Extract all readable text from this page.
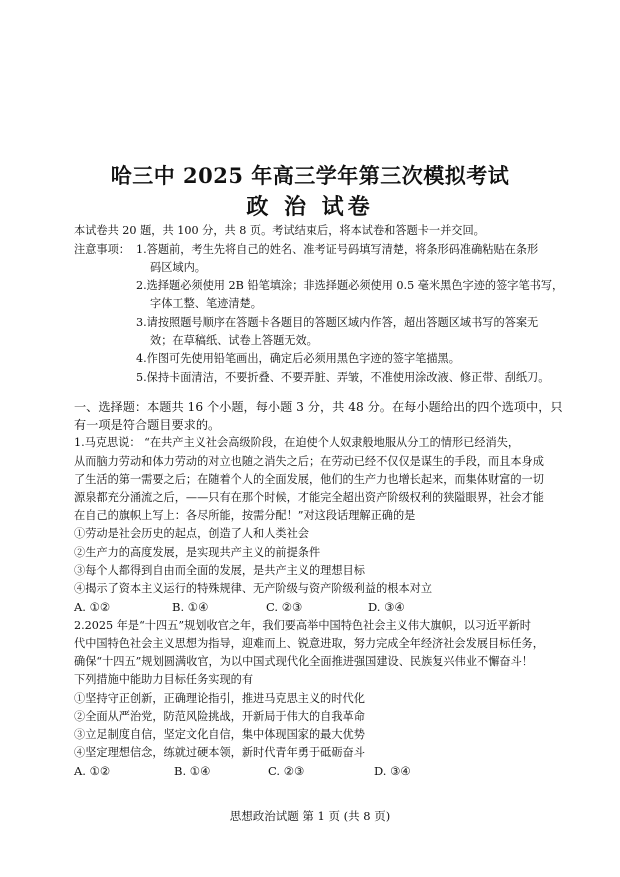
哈三中 2025 年高三学年第三次模拟考试
政 治 试卷
本试卷共 20 题，共 100 分，共 8 页。考试结束后，将本试卷和答题卡一并交回。
注意事项： 1.答题前，考生先将自己的姓名、准考证号码填写清楚，将条形码准确粘贴在条形
码区域内。
2.选择题必须使用 2B 铅笔填涂；非选择题必须使用 0.5 毫米黑色字迹的签字笔书写，
字体工整、笔迹清楚。
3.请按照题号顺序在答题卡各题目的答题区域内作答，超出答题区域书写的答案无
效；在草稿纸、试卷上答题无效。
4.作图可先使用铅笔画出，确定后必须用黑色字迹的签字笔描黑。
5.保持卡面清洁，不要折叠、不要弄脏、弄皱，不准使用涂改液、修正带、刮纸刀。
一、选择题：本题共 16 个小题，每小题 3 分，共 48 分。在每小题给出的四个选项中，只
有一项是符合题目要求的。
1.马克思说： “在共产主义社会高级阶段，在迫使个人奴隶般地服从分工的情形已经消失，
从而脑力劳动和体力劳动的对立也随之消失之后；在劳动已经不仅仅是谋生的手段，而且本身成
了生活的第一需要之后；在随着个人的全面发展，他们的生产力也增长起来，而集体财富的一切
源泉都充分涌流之后，——只有在那个时候，才能完全超出资产阶级权利的狭隘眼界，社会才能
在自己的旗帜上写上：各尽所能，按需分配！”对这段话理解正确的是
①劳动是社会历史的起点，创造了人和人类社会
②生产力的高度发展，是实现共产主义的前提条件
③每个人都得到自由而全面的发展，是共产主义的理想目标
④揭示了资本主义运行的特殊规律、无产阶级与资产阶级利益的根本对立
A. ①②	B. ①④	C. ②③	D. ③④
2.2025 年是“十四五”规划收官之年，我们要高举中国特色社会主义伟大旗帜，以习近平新时
代中国特色社会主义思想为指导，迎难而上、锐意进取，努力完成全年经济社会发展目标任务，
确保“十四五”规划圆满收官，为以中国式现代化全面推进强国建设、民族复兴伟业不懈奋斗！
下列措施中能助力目标任务实现的有
①坚持守正创新，正确理论指引，推进马克思主义的时代化
②全面从严治党，防范风险挑战，开新局于伟大的自我革命
③立足制度自信，坚定文化自信，集中体现国家的最大优势
④坚定理想信念，练就过硬本领，新时代青年勇于砥砺奋斗
A. ①②	B. ①④	C. ②③	D. ③④
思想政治试题 第 1 页 (共 8 页)
